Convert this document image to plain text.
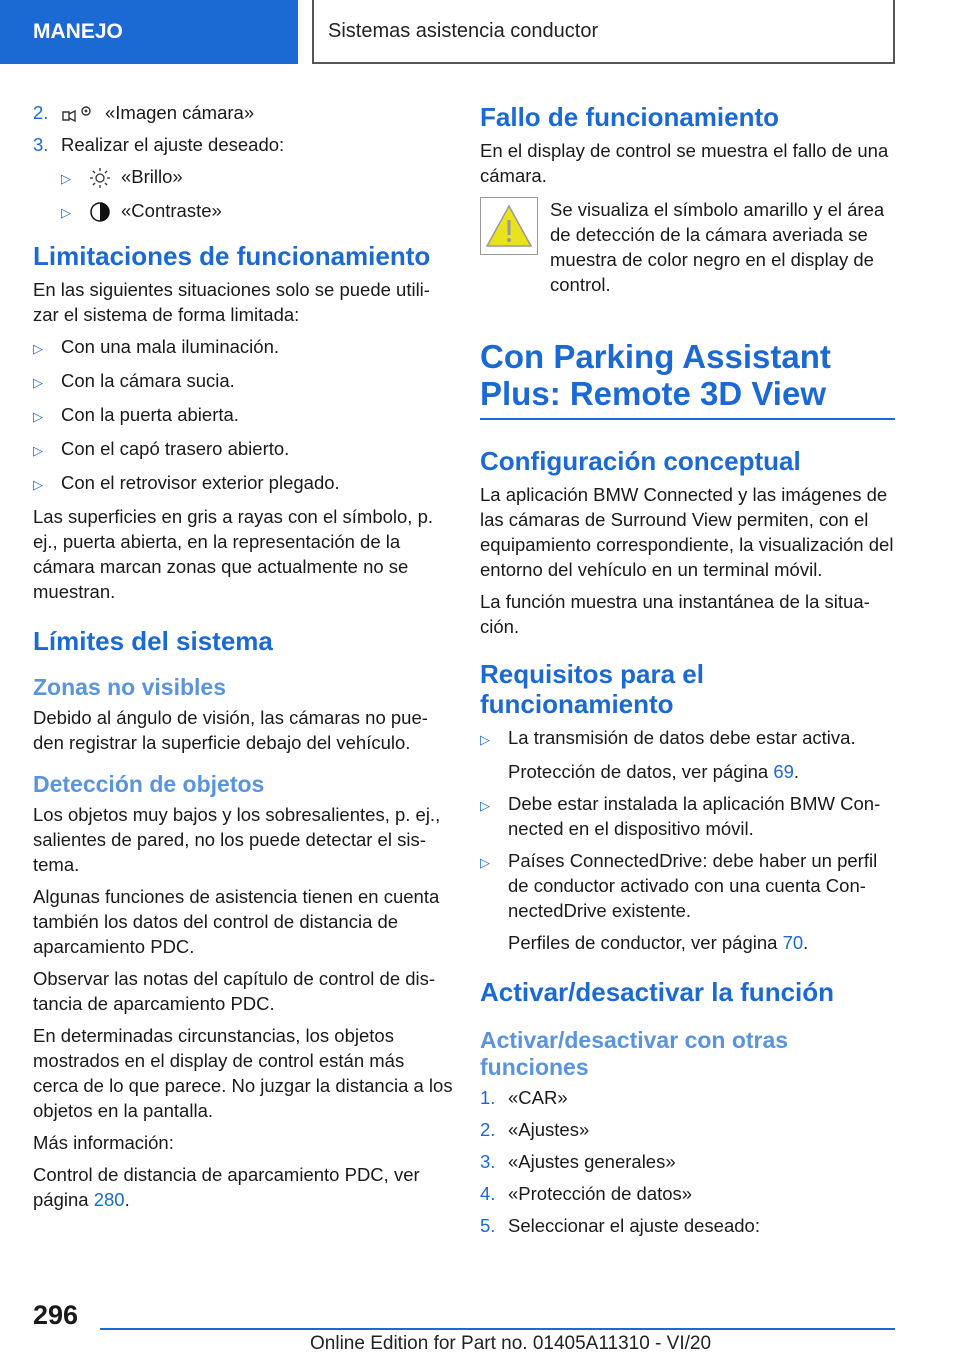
MANEJO	Sistemas asistencia conductor
2.	«Imagen cámara»
3. Realizar el ajuste deseado:
▷	«Brillo»
▷	«Contraste»
Limitaciones de funcionamiento

En las siguientes situaciones solo se puede utili-zar el sistema de forma limitada:

▷ Con una mala iluminación.
▷ Con la cámara sucia.
▷ Con la puerta abierta.
▷ Con el capó trasero abierto.
▷ Con el retrovisor exterior plegado.

Las superficies en gris a rayas con el símbolo, p. ej., puerta abierta, en la representación de la cámara marcan zonas que actualmente no se muestran.

Límites del sistema
Zonas no visibles

Debido al ángulo de visión, las cámaras no pue-den registrar la superficie debajo del vehículo.

Detección de objetos

Los objetos muy bajos y los sobresalientes, p. ej., salientes de pared, no los puede detectar el sis-tema.

Algunas funciones de asistencia tienen en cuenta también los datos del control de distancia de aparcamiento PDC.

Observar las notas del capítulo de control de dis-tancia de aparcamiento PDC.

En determinadas circunstancias, los objetos mostrados en el display de control están más cerca de lo que parece. No juzgar la distancia a los objetos en la pantalla.

Más información:

Control de distancia de aparcamiento PDC, ver página 280.

Fallo de funcionamiento

En el display de control se muestra el fallo de una cámara.

Se visualiza el símbolo amarillo y el área de detección de la cámara averiada se muestra de color negro en el display de control.

Con Parking Assistant Plus: Remote 3D View
Configuración conceptual

La aplicación BMW Connected y las imágenes de las cámaras de Surround View permiten, con el equipamiento correspondiente, la visualización del entorno del vehículo en un terminal móvil.

La función muestra una instantánea de la situa-ción.

Requisitos para el funcionamiento
▷ La transmisión de datos debe estar activa.

Protección de datos, ver página 69.

▷ Debe estar instalada la aplicación BMW Con-nected en el dispositivo móvil.
▷ Países ConnectedDrive: debe haber un perfil de conductor activado con una cuenta Con-nectedDrive existente.

Perfiles de conductor, ver página 70.

Activar/desactivar la función
Activar/desactivar con otras funciones
1. «CAR»
2. «Ajustes»
3. «Ajustes generales»
4. «Protección de datos»
5. Seleccionar el ajuste deseado:
296
Online Edition for Part no. 01405A11310 - VI/20
